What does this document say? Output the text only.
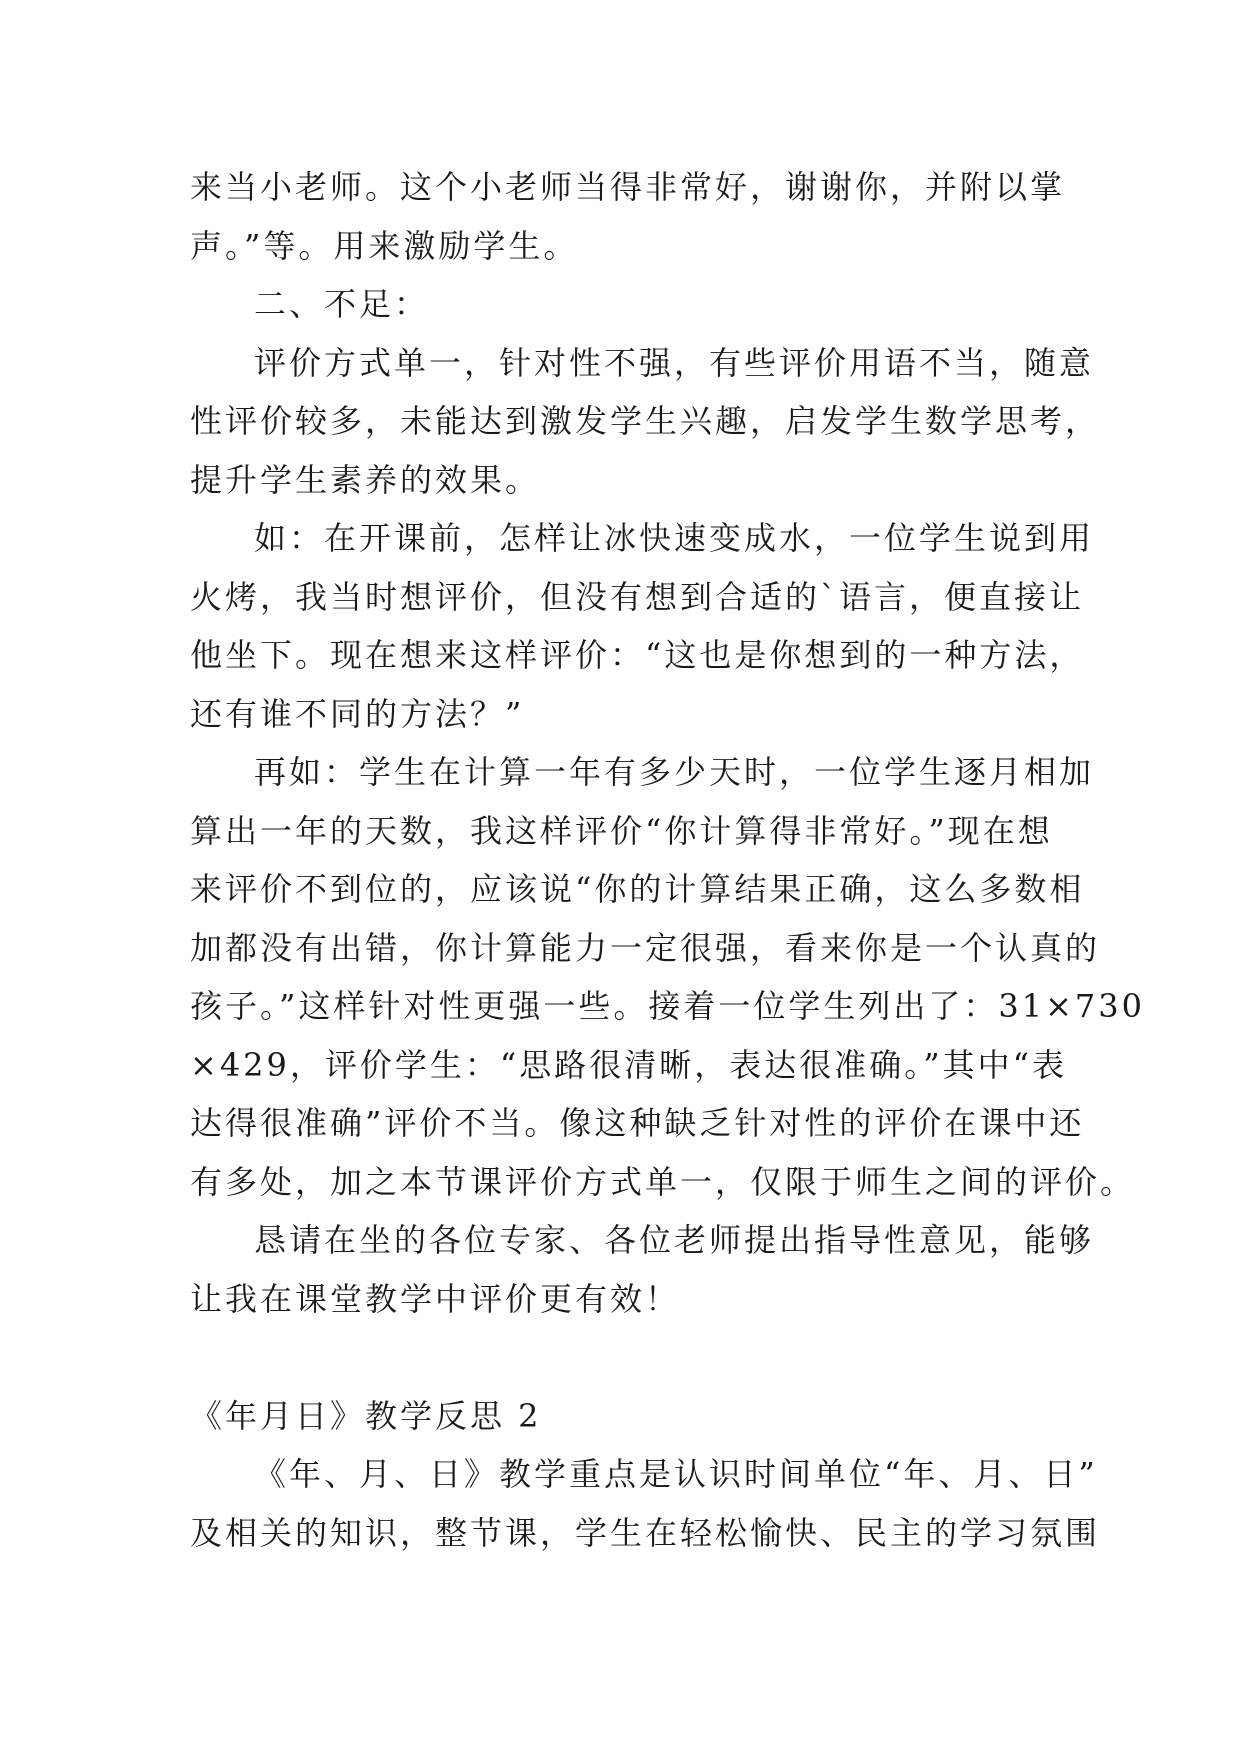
来当小老师。这个小老师当得非常好，谢谢你，并附以掌
声。”等。用来激励学生。
二、不足：
评价方式单一，针对性不强，有些评价用语不当，随意
性评价较多，未能达到激发学生兴趣，启发学生数学思考，
提升学生素养的效果。
如：在开课前，怎样让冰快速变成水，一位学生说到用
火烤，我当时想评价，但没有想到合适的`语言，便直接让
他坐下。现在想来这样评价：“这也是你想到的一种方法，
还有谁不同的方法？”
再如：学生在计算一年有多少天时，一位学生逐月相加
算出一年的天数，我这样评价“你计算得非常好。”现在想
来评价不到位的，应该说“你的计算结果正确，这么多数相
加都没有出错，你计算能力一定很强，看来你是一个认真的
孩子。”这样针对性更强一些。接着一位学生列出了：31×730
×429，评价学生：“思路很清晰，表达很准确。”其中“表
达得很准确”评价不当。像这种缺乏针对性的评价在课中还
有多处，加之本节课评价方式单一，仅限于师生之间的评价。
恳请在坐的各位专家、各位老师提出指导性意见，能够
让我在课堂教学中评价更有效！
《年月日》教学反思 2
《年、月、日》教学重点是认识时间单位“年、月、日”
及相关的知识，整节课，学生在轻松愉快、民主的学习氛围
